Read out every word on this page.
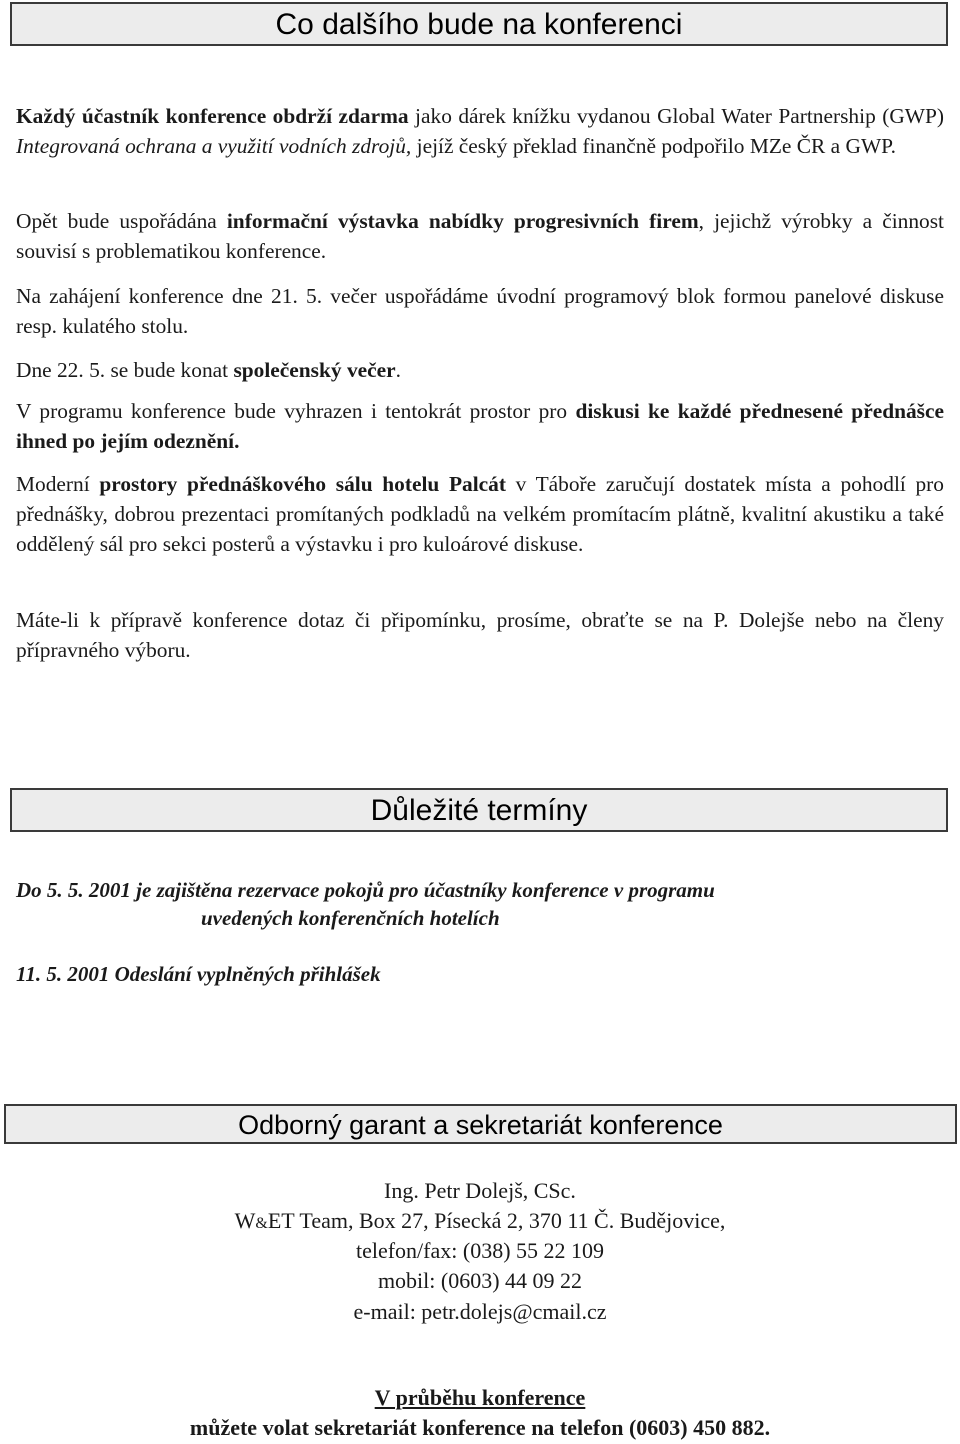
Co dalšího bude na konferenci

Každý účastník konference obdrží zdarma jako dárek knížku vydanou Global Water Partnership (GWP) Integrovaná ochrana a využití vodních zdrojů, jejíž český překlad finančně podpořilo MZe ČR a GWP.

Opět bude uspořádána informační výstavka nabídky progresivních firem, jejichž výrobky a činnost souvisí s problematikou konference.

Na zahájení konference dne 21. 5. večer uspořádáme úvodní programový blok formou panelové diskuse resp. kulatého stolu.

Dne 22. 5. se bude konat společenský večer.

V programu konference bude vyhrazen i tentokrát prostor pro diskusi ke každé přednesené přednášce ihned po jejím odeznění.

Moderní prostory přednáškového sálu hotelu Palcát v Táboře zaručují dostatek místa a pohodlí pro přednášky, dobrou prezentaci promítaných podkladů na velkém promítacím plátně, kvalitní akustiku a také oddělený sál pro sekci posterů a výstavku i pro kuloárové diskuse.

Máte-li k přípravě konference dotaz či připomínku, prosíme, obraťte se na P. Dolejše nebo na členy přípravného výboru.

Důležité termíny

Do 5. 5. 2001 je zajištěna rezervace pokojů pro účastníky konference v programu

uvedených konferenčních hotelích

11. 5. 2001 Odeslání vyplněných přihlášek

Odborný garant a sekretariát konference

Ing. Petr Dolejš, CSc.

W&ET Team, Box 27, Písecká 2, 370 11 Č. Budějovice,

telefon/fax: (038) 55 22 109

mobil: (0603) 44 09 22

e-mail: petr.dolejs@cmail.cz

V průběhu konference

můžete volat sekretariát konference na telefon (0603) 450 882.
